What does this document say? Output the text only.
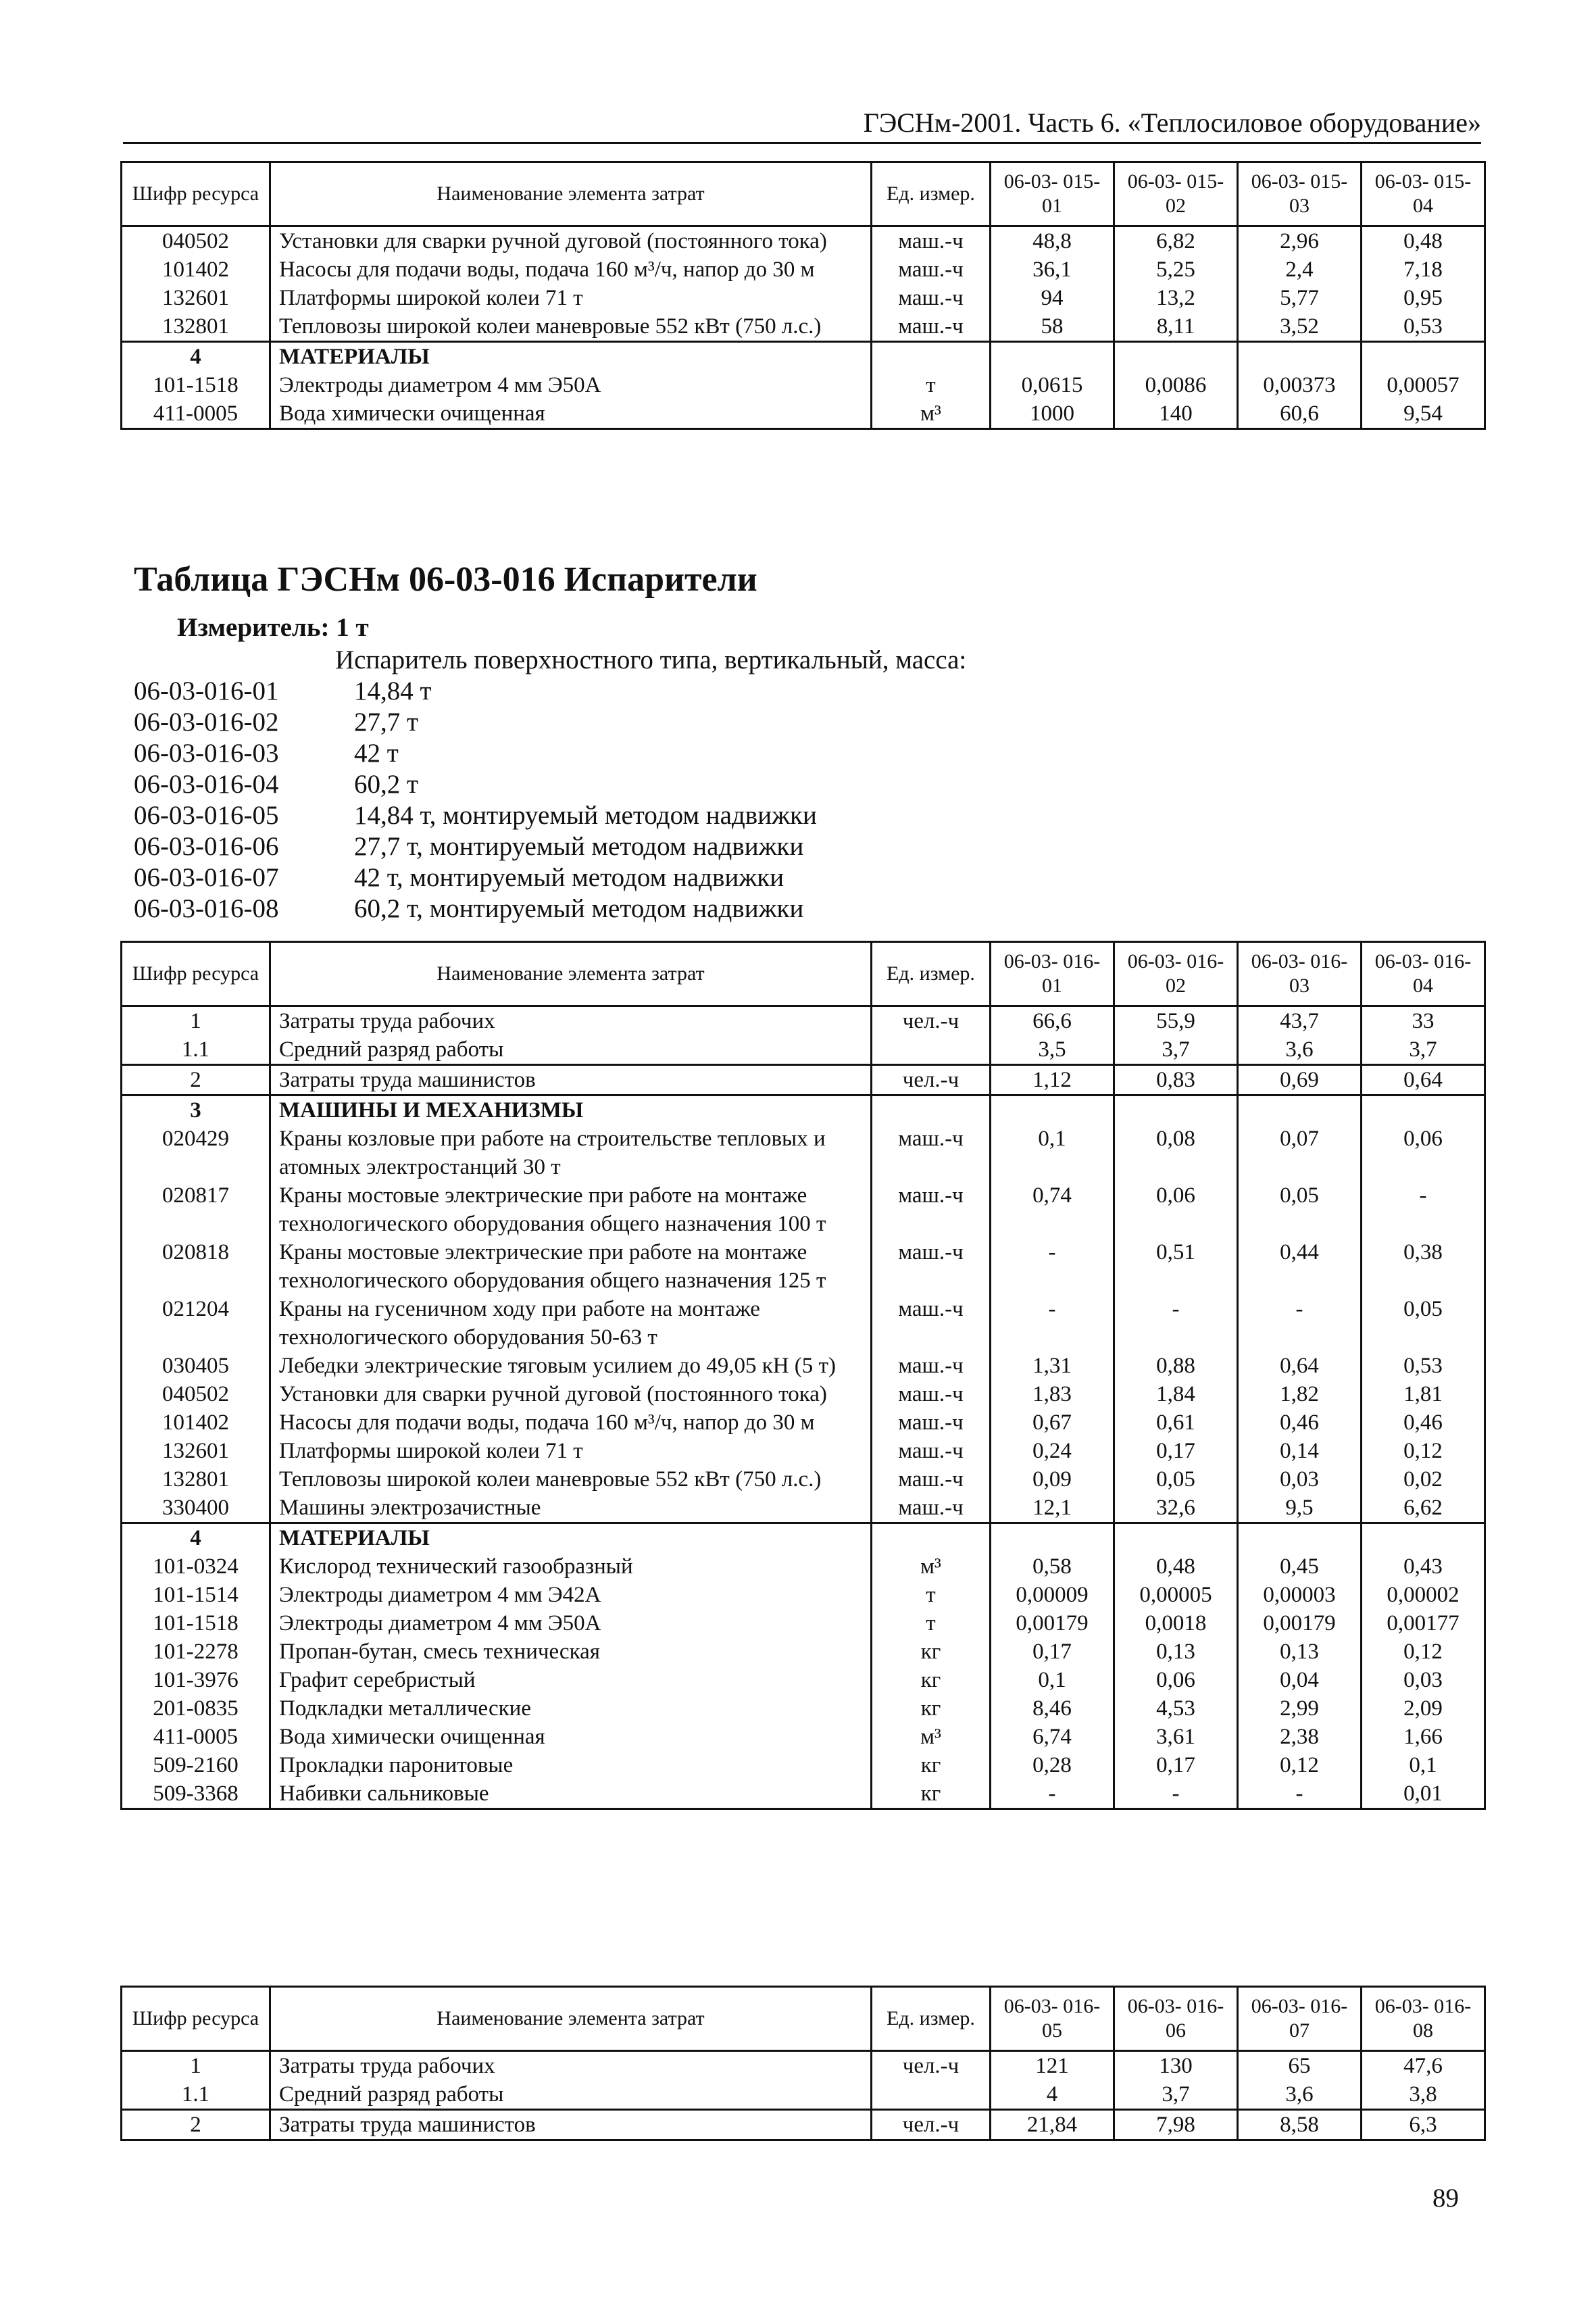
ГЭСНм-2001. Часть 6. «Теплосиловое оборудование»
Шифр ресурса	Наименование элемента затрат	Ед. измер.	06-03- 015-01	06-03- 015-02	06-03- 015-03	06-03- 015-04
040502	Установки для сварки ручной дуговой (постоянного тока)	маш.-ч	48,8	6,82	2,96	0,48
101402	Насосы для подачи воды, подача 160 м³/ч, напор до 30 м	маш.-ч	36,1	5,25	2,4	7,18
132601	Платформы широкой колеи 71 т	маш.-ч	94	13,2	5,77	0,95
132801	Тепловозы широкой колеи маневровые 552 кВт (750 л.с.)	маш.-ч	58	8,11	3,52	0,53
4	МАТЕРИАЛЫ					
101-1518	Электроды диаметром 4 мм Э50А	т	0,0615	0,0086	0,00373	0,00057
411-0005	Вода химически очищенная	м³	1000	140	60,6	9,54
Таблица ГЭСНм 06-03-016 Испарители
Измеритель: 1 т
Испаритель поверхностного типа, вертикальный, масса:
06-03-016-01	14,84 т
06-03-016-02	27,7 т
06-03-016-03	42 т
06-03-016-04	60,2 т
06-03-016-05	14,84 т, монтируемый методом надвижки
06-03-016-06	27,7 т, монтируемый методом надвижки
06-03-016-07	42 т, монтируемый методом надвижки
06-03-016-08	60,2 т, монтируемый методом надвижки
Шифр ресурса	Наименование элемента затрат	Ед. измер.	06-03- 016-01	06-03- 016-02	06-03- 016-03	06-03- 016-04
1	Затраты труда рабочих	чел.-ч	66,6	55,9	43,7	33
1.1	Средний разряд работы		3,5	3,7	3,6	3,7
2	Затраты труда машинистов	чел.-ч	1,12	0,83	0,69	0,64
3	МАШИНЫ И МЕХАНИЗМЫ					
020429	Краны козловые при работе на строительстве тепловых и атомных электростанций 30 т	маш.-ч	0,1	0,08	0,07	0,06
020817	Краны мостовые электрические при работе на монтаже технологического оборудования общего назначения 100 т	маш.-ч	0,74	0,06	0,05	-
020818	Краны мостовые электрические при работе на монтаже технологического оборудования общего назначения 125 т	маш.-ч	-	0,51	0,44	0,38
021204	Краны на гусеничном ходу при работе на монтаже технологического оборудования 50-63 т	маш.-ч	-	-	-	0,05
030405	Лебедки электрические тяговым усилием до 49,05 кН (5 т)	маш.-ч	1,31	0,88	0,64	0,53
040502	Установки для сварки ручной дуговой (постоянного тока)	маш.-ч	1,83	1,84	1,82	1,81
101402	Насосы для подачи воды, подача 160 м³/ч, напор до 30 м	маш.-ч	0,67	0,61	0,46	0,46
132601	Платформы широкой колеи 71 т	маш.-ч	0,24	0,17	0,14	0,12
132801	Тепловозы широкой колеи маневровые 552 кВт (750 л.с.)	маш.-ч	0,09	0,05	0,03	0,02
330400	Машины электрозачистные	маш.-ч	12,1	32,6	9,5	6,62
4	МАТЕРИАЛЫ					
101-0324	Кислород технический газообразный	м³	0,58	0,48	0,45	0,43
101-1514	Электроды диаметром 4 мм Э42А	т	0,00009	0,00005	0,00003	0,00002
101-1518	Электроды диаметром 4 мм Э50А	т	0,00179	0,0018	0,00179	0,00177
101-2278	Пропан-бутан, смесь техническая	кг	0,17	0,13	0,13	0,12
101-3976	Графит серебристый	кг	0,1	0,06	0,04	0,03
201-0835	Подкладки металлические	кг	8,46	4,53	2,99	2,09
411-0005	Вода химически очищенная	м³	6,74	3,61	2,38	1,66
509-2160	Прокладки паронитовые	кг	0,28	0,17	0,12	0,1
509-3368	Набивки сальниковые	кг	-	-	-	0,01
Шифр ресурса	Наименование элемента затрат	Ед. измер.	06-03- 016-05	06-03- 016-06	06-03- 016-07	06-03- 016-08
1	Затраты труда рабочих	чел.-ч	121	130	65	47,6
1.1	Средний разряд работы		4	3,7	3,6	3,8
2	Затраты труда машинистов	чел.-ч	21,84	7,98	8,58	6,3
89
